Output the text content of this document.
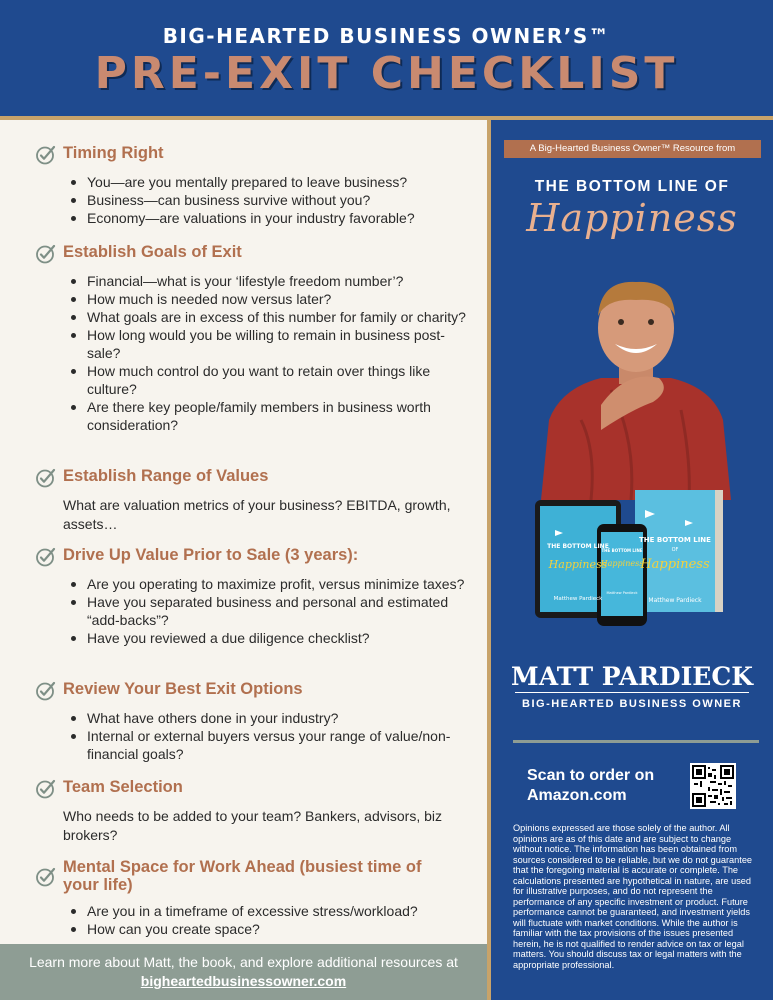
BIG-HEARTED BUSINESS OWNER’S™
PRE-EXIT CHECKLIST
Timing Right
You—are you mentally prepared to leave business?
Business—can business survive without you?
Economy—are valuations in your industry favorable?
Establish Goals of Exit
Financial—what is your ‘lifestyle freedom number’?
How much is needed now versus later?
What goals are in excess of this number for family or charity?
How long would you be willing to remain in business post-sale?
How much control do you want to retain over things like culture?
Are there key people/family members in business worth consideration?
Establish Range of Values
What are valuation metrics of your business? EBITDA, growth, assets…
Drive Up Value Prior to Sale (3 years):
Are you operating to maximize profit, versus minimize taxes?
Have you separated business and personal and estimated “add-backs”?
Have you reviewed a due diligence checklist?
Review Your Best Exit Options
What have others done in your industry?
Internal or external buyers versus your range of value/non-financial goals?
Team Selection
Who needs to be added to your team? Bankers, advisors, biz brokers?
Mental Space for Work Ahead (busiest time of your life)
Are you in a timeframe of excessive stress/workload?
How can you create space?
Learn more about Matt, the book, and explore additional resources at
bigheartedbusinessowner.com
A Big-Hearted Business Owner™ Resource from
THE BOTTOM LINE OF
Happiness
THE BOTTOM LINE
Happiness
Matthew Pardieck
THE BOTTOM LINE
OF
Happiness
Matthew Pardieck
THE BOTTOM LINE
Happiness
Matthew Pardieck
MATT PARDIECK
BIG-HEARTED BUSINESS OWNER
Scan to order on Amazon.com
Opinions expressed are those solely of the author. All opinions are as of this date and are subject to change without notice. The information has been obtained from sources considered to be reliable, but we do not guarantee that the foregoing material is accurate or complete. The calculations presented are hypothetical in nature, are used for illustrative purposes, and do not represent the performance of any specific investment or product. Future performance cannot be guaranteed, and investment yields will fluctuate with market conditions. While the author is familiar with the tax provisions of the issues presented herein, he is not qualified to render advice on tax or legal matters. You should discuss tax or legal matters with the appropriate professional.
